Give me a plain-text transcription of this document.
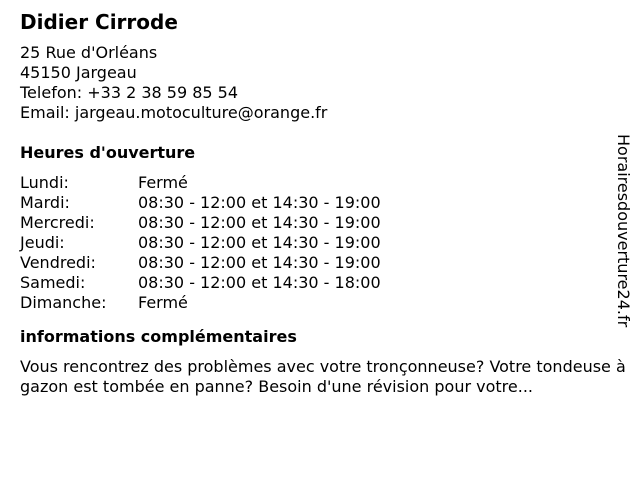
Didier Cirrode
25 Rue d'Orléans
45150 Jargeau
Telefon: +33 2 38 59 85 54
Email: jargeau.motoculture@orange.fr
Heures d'ouverture
Lundi:	Fermé
Mardi:	08:30 - 12:00 et 14:30 - 19:00
Mercredi:	08:30 - 12:00 et 14:30 - 19:00
Jeudi:	08:30 - 12:00 et 14:30 - 19:00
Vendredi:	08:30 - 12:00 et 14:30 - 19:00
Samedi:	08:30 - 12:00 et 14:30 - 18:00
Dimanche:	Fermé
informations complémentaires
Vous rencontrez des problèmes avec votre tronçonneuse? Votre tondeuse à gazon est tombée en panne? Besoin d'une révision pour votre...
Horairesdouverture24.fr
